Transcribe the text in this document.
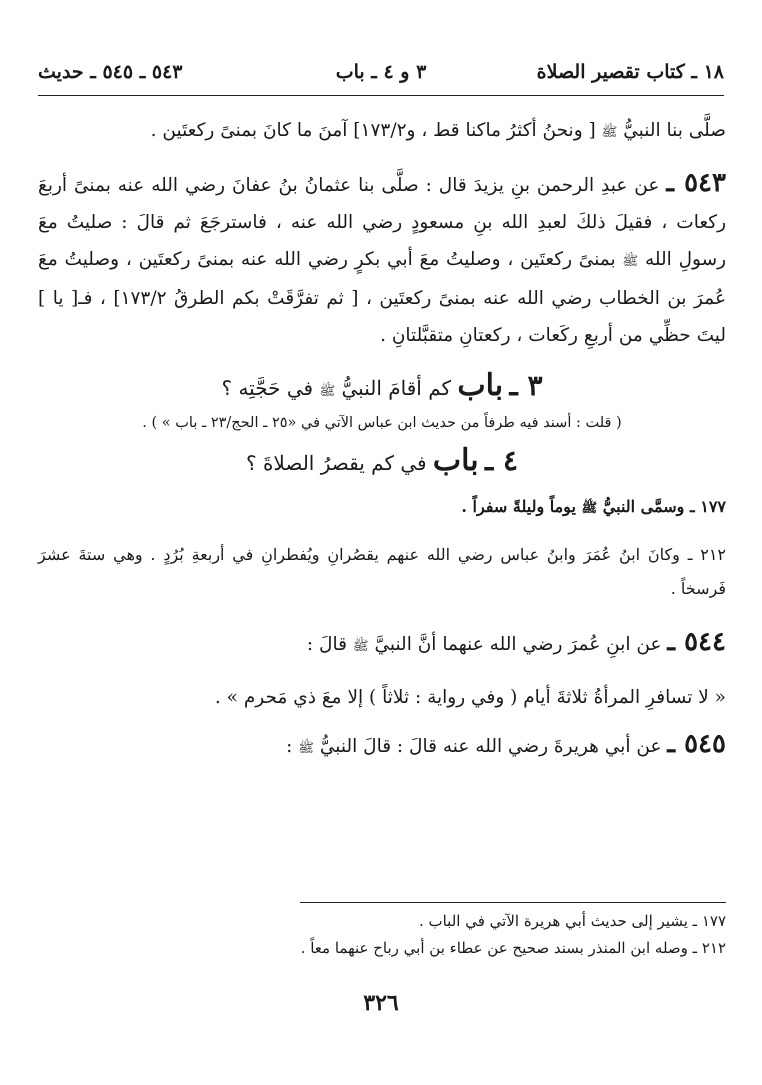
١٨ ـ كتاب تقصير الصلاة
٣ و ٤ ـ باب
٥٤٣ ـ ٥٤٥ ـ حديث

صلَّى بنا النبيُّ ﷺ [ ونحنُ أكثرُ ماكنا قط ، و١٧٣/٢] آمنَ ما كانَ بمنىً ركعتَين .

٥٤٣ ـ عن عبدِ الرحمن بنِ يزيدَ قال : صلَّى بنا عثمانُ بنُ عفانَ رضي الله عنه بمنىً أربعَ ركعات ، فقيلَ ذلكَ لعبدِ الله بنِ مسعودٍ رضي الله عنه ، فاسترجَعَ ثم قالَ : صليتُ معَ رسولِ الله ﷺ بمنىً ركعتَين ، وصليتُ معَ أبي بكرٍ رضي الله عنه بمنىً ركعتَين ، وصليتُ معَ عُمرَ بن الخطاب رضي الله عنه بمنىً ركعتَين ، [ ثم تفرَّقَتْ بكم الطرقُ ١٧٣/٢] ، فـ[ يا ] ليتَ حظِّي من أربعِ ركَعات ، ركعتانِ متقبَّلتانِ .

٣ ـ باب كم أقامَ النبيُّ ﷺ في حَجَّتِه ؟
( قلت : أسند فيه طرفاً من حديث ابن عباس الآتي في «٢٥ ـ الحج/٢٣ ـ باب » ) .
٤ ـ باب في كم يقصرُ الصلاةَ ؟

١٧٧ ـ وسمَّى النبيُّ ﷺ يوماً وليلةً سفراً .

٢١٢ ـ وكانَ ابنُ عُمَرَ وابنُ عباس رضي الله عنهم يقصُرانِ ويُفطرانِ في أربعةِ بُرُدٍ . وهي ستةَ عشرَ فَرسخاً .

٥٤٤ ـ عن ابنِ عُمرَ رضي الله عنهما أنَّ النبيَّ ﷺ قالَ :

« لا تسافرِ المرأةُ ثلاثةَ أيام ( وفي رواية : ثلاثاً ) إلا معَ ذي مَحرم » .

٥٤٥ ـ عن أبي هريرةَ رضي الله عنه قالَ : قالَ النبيُّ ﷺ :

١٧٧ ـ يشير إلى حديث أبي هريرة الآتي في الباب .
٢١٢ ـ وصله ابن المنذر بسند صحيح عن عطاء بن أبي رباح عنهما معاً .
٣٢٦
